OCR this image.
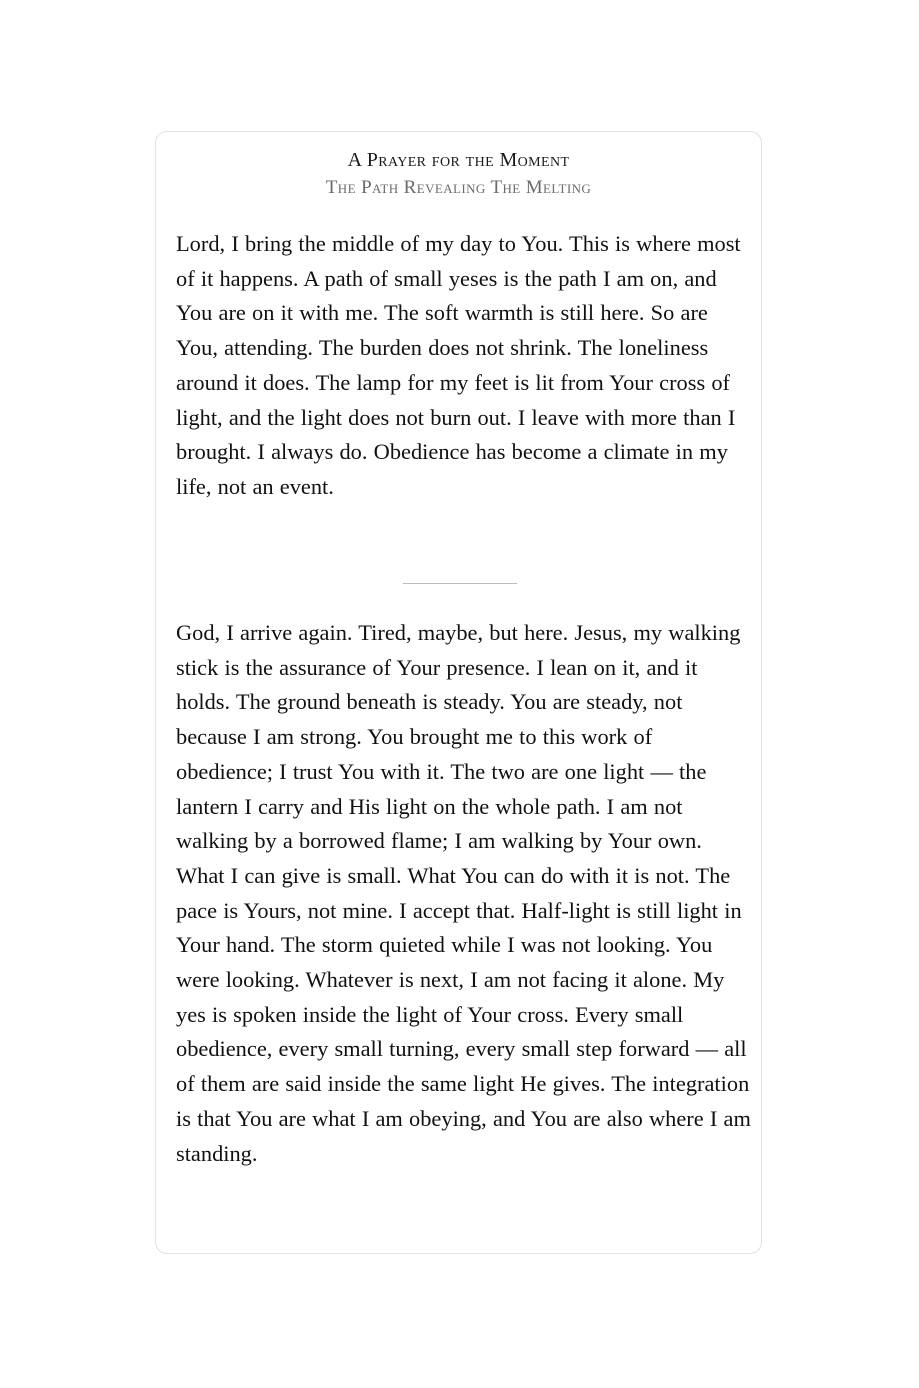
A Prayer for the Moment
The Path Revealing The Melting

Lord, I bring the middle of my day to You. This is where most of it happens. A path of small yeses is the path I am on, and You are on it with me. The soft warmth is still here. So are You, attending. The burden does not shrink. The loneliness around it does. The lamp for my feet is lit from Your cross of light, and the light does not burn out. I leave with more than I brought. I always do. Obedience has become a climate in my life, not an event.

God, I arrive again. Tired, maybe, but here. Jesus, my walking stick is the assurance of Your presence. I lean on it, and it holds. The ground beneath is steady. You are steady, not because I am strong. You brought me to this work of obedience; I trust You with it. The two are one light — the lantern I carry and His light on the whole path. I am not walking by a borrowed flame; I am walking by Your own. What I can give is small. What You can do with it is not. The pace is Yours, not mine. I accept that. Half-light is still light in Your hand. The storm quieted while I was not looking. You were looking. Whatever is next, I am not facing it alone. My yes is spoken inside the light of Your cross. Every small obedience, every small turning, every small step forward — all of them are said inside the same light He gives. The integration is that You are what I am obeying, and You are also where I am standing.
